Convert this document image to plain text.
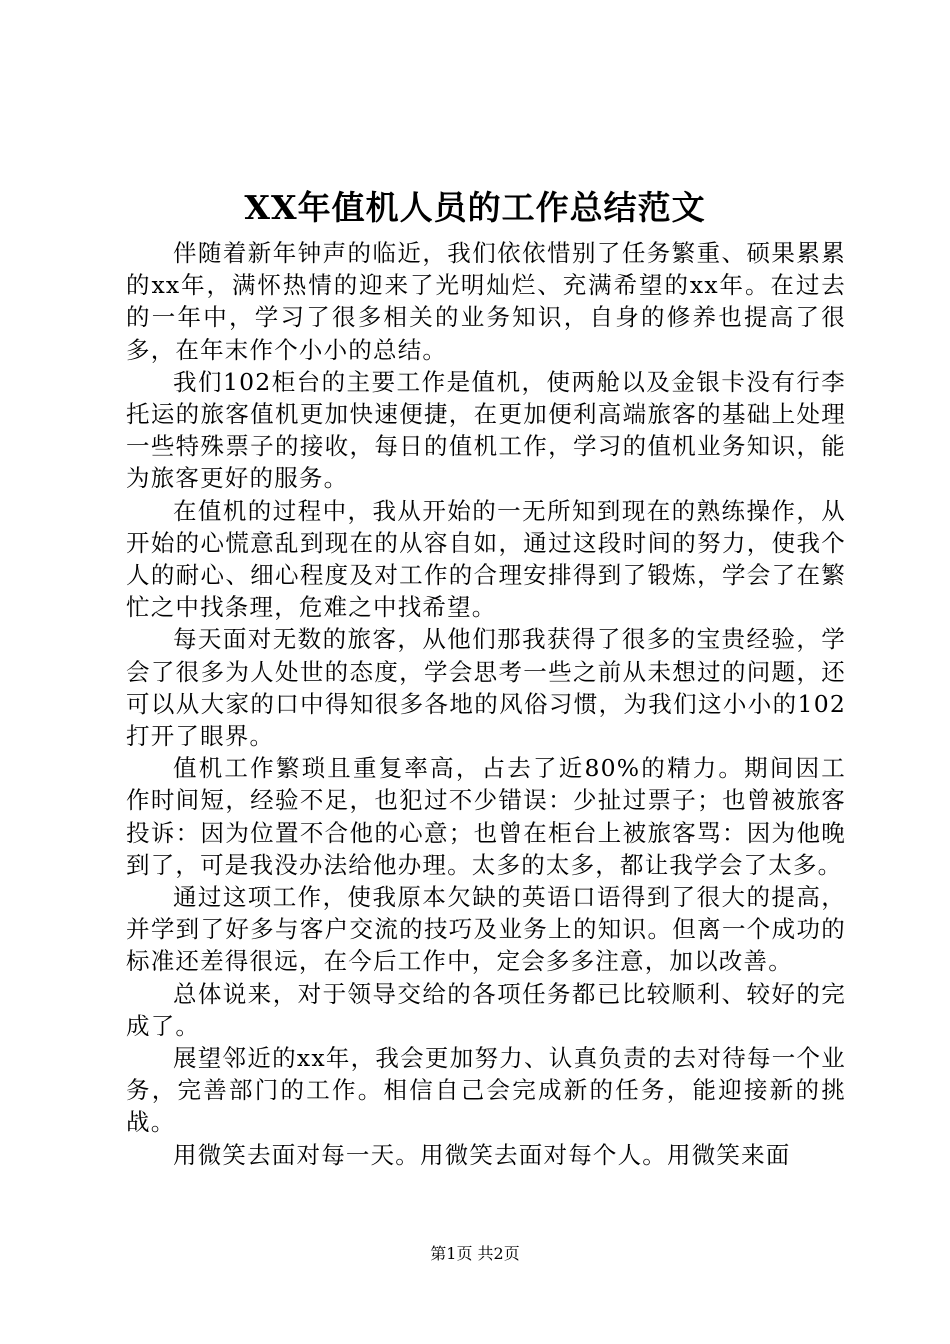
XX年值机人员的工作总结范文

伴随着新年钟声的临近，我们依依惜别了任务繁重、硕果累累的xx年，满怀热情的迎来了光明灿烂、充满希望的xx年。在过去的一年中，学习了很多相关的业务知识，自身的修养也提高了很多，在年末作个小小的总结。

我们102柜台的主要工作是值机，使两舱以及金银卡没有行李托运的旅客值机更加快速便捷，在更加便利高端旅客的基础上处理一些特殊票子的接收，每日的值机工作，学习的值机业务知识，能为旅客更好的服务。

在值机的过程中，我从开始的一无所知到现在的熟练操作，从开始的心慌意乱到现在的从容自如，通过这段时间的努力，使我个人的耐心、细心程度及对工作的合理安排得到了锻炼，学会了在繁忙之中找条理，危难之中找希望。

每天面对无数的旅客，从他们那我获得了很多的宝贵经验，学会了很多为人处世的态度，学会思考一些之前从未想过的问题，还可以从大家的口中得知很多各地的风俗习惯，为我们这小小的102打开了眼界。

值机工作繁琐且重复率高，占去了近80%的精力。期间因工作时间短，经验不足，也犯过不少错误：少扯过票子；也曾被旅客投诉：因为位置不合他的心意；也曾在柜台上被旅客骂：因为他晚到了，可是我没办法给他办理。太多的太多，都让我学会了太多。

通过这项工作，使我原本欠缺的英语口语得到了很大的提高，并学到了好多与客户交流的技巧及业务上的知识。但离一个成功的标准还差得很远，在今后工作中，定会多多注意，加以改善。

总体说来，对于领导交给的各项任务都已比较顺利、较好的完成了。

展望邻近的xx年，我会更加努力、认真负责的去对待每一个业务，完善部门的工作。相信自己会完成新的任务，能迎接新的挑战。

用微笑去面对每一天。用微笑去面对每个人。用微笑来面

第1页 共2页
